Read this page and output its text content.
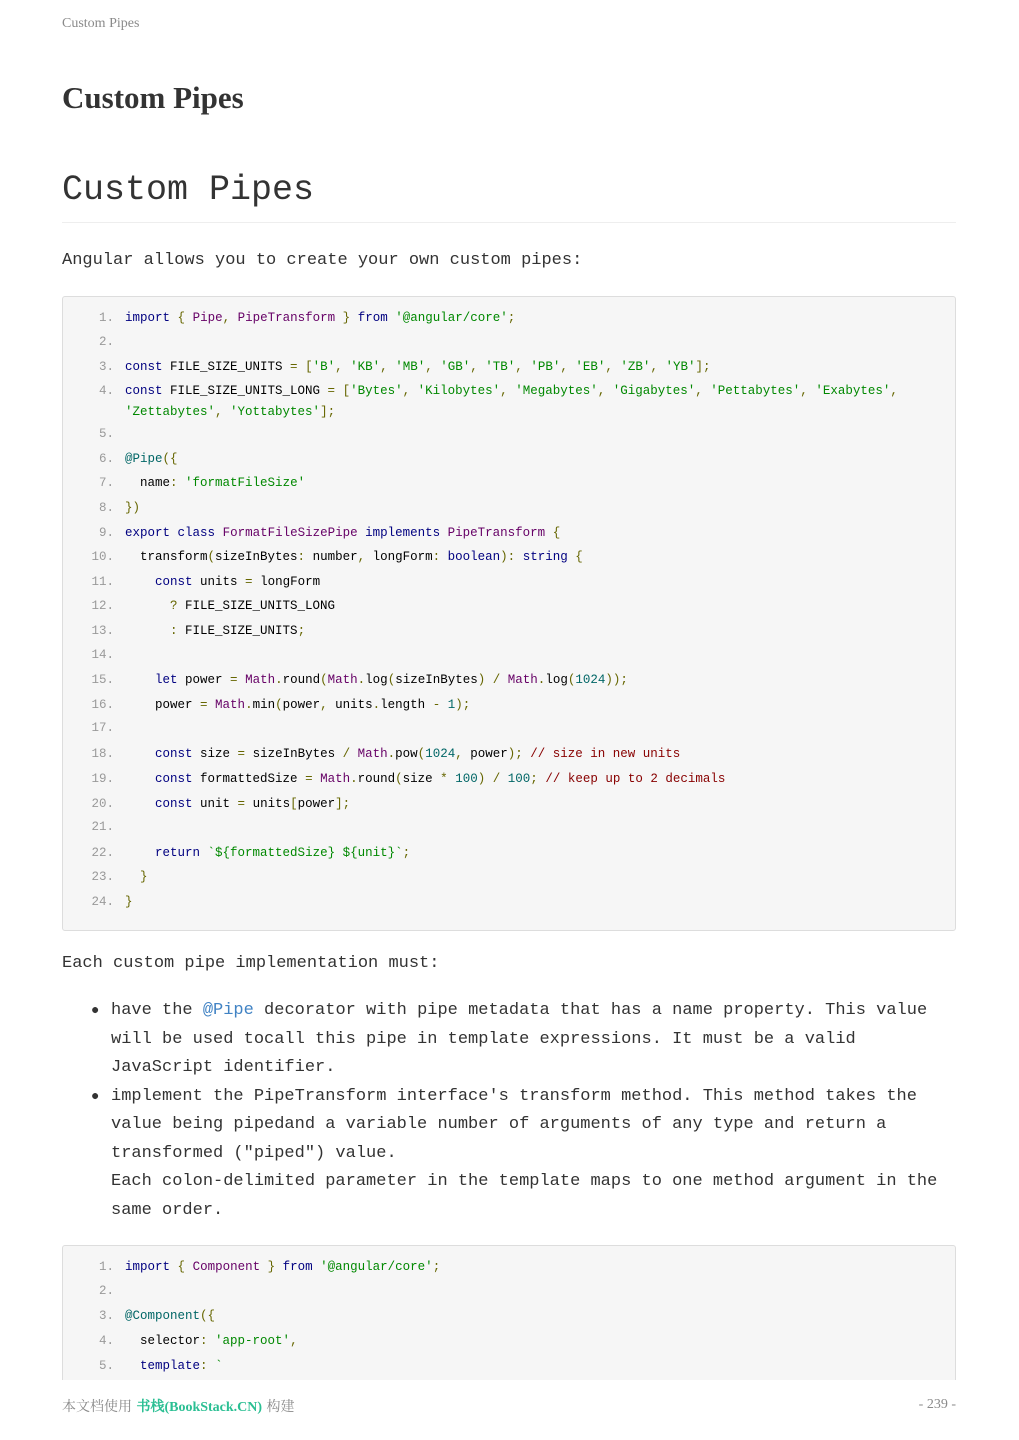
Custom Pipes
Custom Pipes
Custom Pipes

Angular allows you to create your own custom pipes:

1. import { Pipe, PipeTransform } from '@angular/core';
2.
3. const FILE_SIZE_UNITS = ['B', 'KB', 'MB', 'GB', 'TB', 'PB', 'EB', 'ZB', 'YB'];
4. const FILE_SIZE_UNITS_LONG = ['Bytes', 'Kilobytes', 'Megabytes', 'Gigabytes', 'Pettabytes', 'Exabytes',
'Zettabytes', 'Yottabytes'];
5.
6. @Pipe({
7. name: 'formatFileSize'
8. })
9. export class FormatFileSizePipe implements PipeTransform {
10. transform(sizeInBytes: number, longForm: boolean): string {
11.	const units = longForm
12.	? FILE_SIZE_UNITS_LONG
13.	: FILE_SIZE_UNITS;
14.
15.	let power = Math.round(Math.log(sizeInBytes) / Math.log(1024));
16. power = Math.min(power, units.length - 1);
17.
18.	const size = sizeInBytes / Math.pow(1024, power); // size in new units
19.	const formattedSize = Math.round(size * 100) / 100; // keep up to 2 decimals
20.	const unit = units[power];
21.
22.	return `${formattedSize} ${unit}`;
23.	}
24. }

Each custom pipe implementation must:

● have the @Pipe decorator with pipe metadata that has a name property. This value will be used tocall this pipe in template expressions. It must be a valid JavaScript identifier.
● implement the PipeTransform interface's transform method. This method takes the value being pipedand a variable number of arguments of any type and return a transformed ("piped") value.
Each colon-delimited parameter in the template maps to one method argument in the same order.
1. import { Component } from '@angular/core';
2.
3. @Component({
4. selector: 'app-root',
5.	template: `
本文档使用 书栈(BookStack.CN) 构建	- 239 -
